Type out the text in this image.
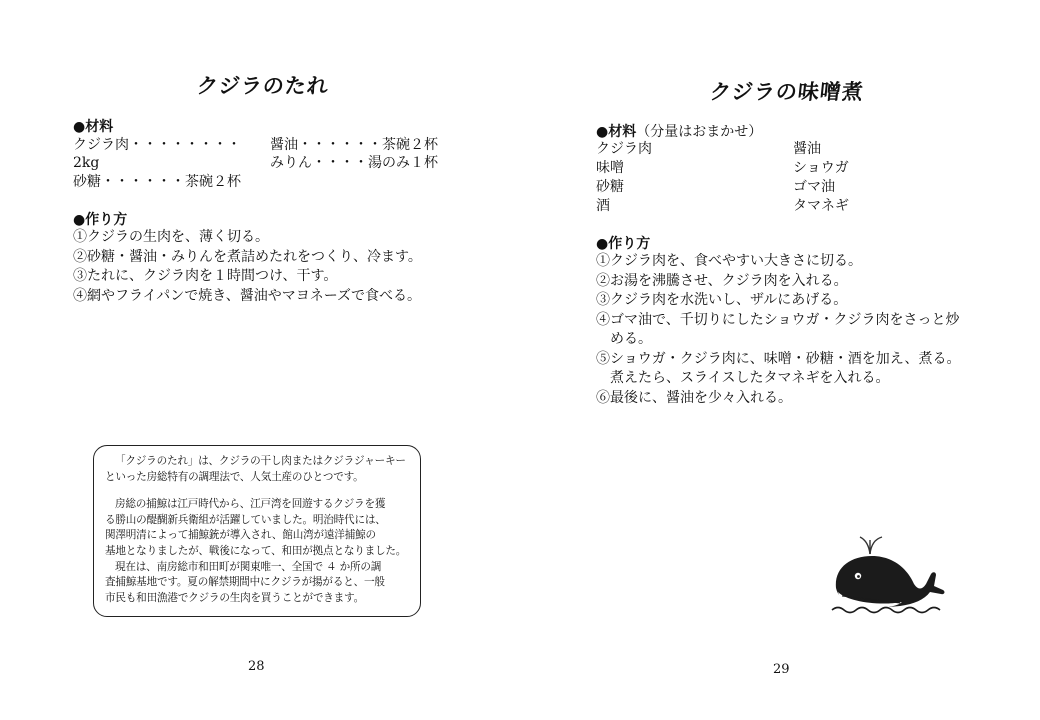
クジラのたれ
●材料
クジラ肉・・・・・・・・ 醤油・・・・・・茶碗２杯
2kg	みりん・・・・湯のみ１杯
砂糖・・・・・・茶碗２杯
●作り方
①クジラの生肉を、薄く切る。
②砂糖・醤油・みりんを煮詰めたれをつくり、冷ます。
③たれに、クジラ肉を１時間つけ、干す。
④網やフライパンで焼き、醤油やマヨネーズで食べる。

「クジラのたれ」は、クジラの干し肉またはクジラジャーキー

といった房総特有の調理法で、人気土産のひとつです。

房総の捕鯨は江戸時代から、江戸湾を回遊するクジラを獲

る勝山の醍醐新兵衛組が活躍していました。明治時代には、

関澤明清によって捕鯨銃が導入され、館山湾が遠洋捕鯨の

基地となりましたが、戦後になって、和田が拠点となりました。

現在は、南房総市和田町が関東唯一、全国で ４ か所の調

査捕鯨基地です。夏の解禁期間中にクジラが揚がると、一般

市民も和田漁港でクジラの生肉を買うことができます。

28
クジラの味噌煮
●材料（分量はおまかせ）
クジラ肉
味噌
砂糖
酒
醤油
ショウガ
ゴマ油
タマネギ
●作り方
①クジラ肉を、食べやすい大きさに切る。
②お湯を沸騰させ、クジラ肉を入れる。
③クジラ肉を水洗いし、ザルにあげる。
④ゴマ油で、千切りにしたショウガ・クジラ肉をさっと炒
　める。
⑤ショウガ・クジラ肉に、味噌・砂糖・酒を加え、煮る。
　煮えたら、スライスしたタマネギを入れる。
⑥最後に、醤油を少々入れる。
29
